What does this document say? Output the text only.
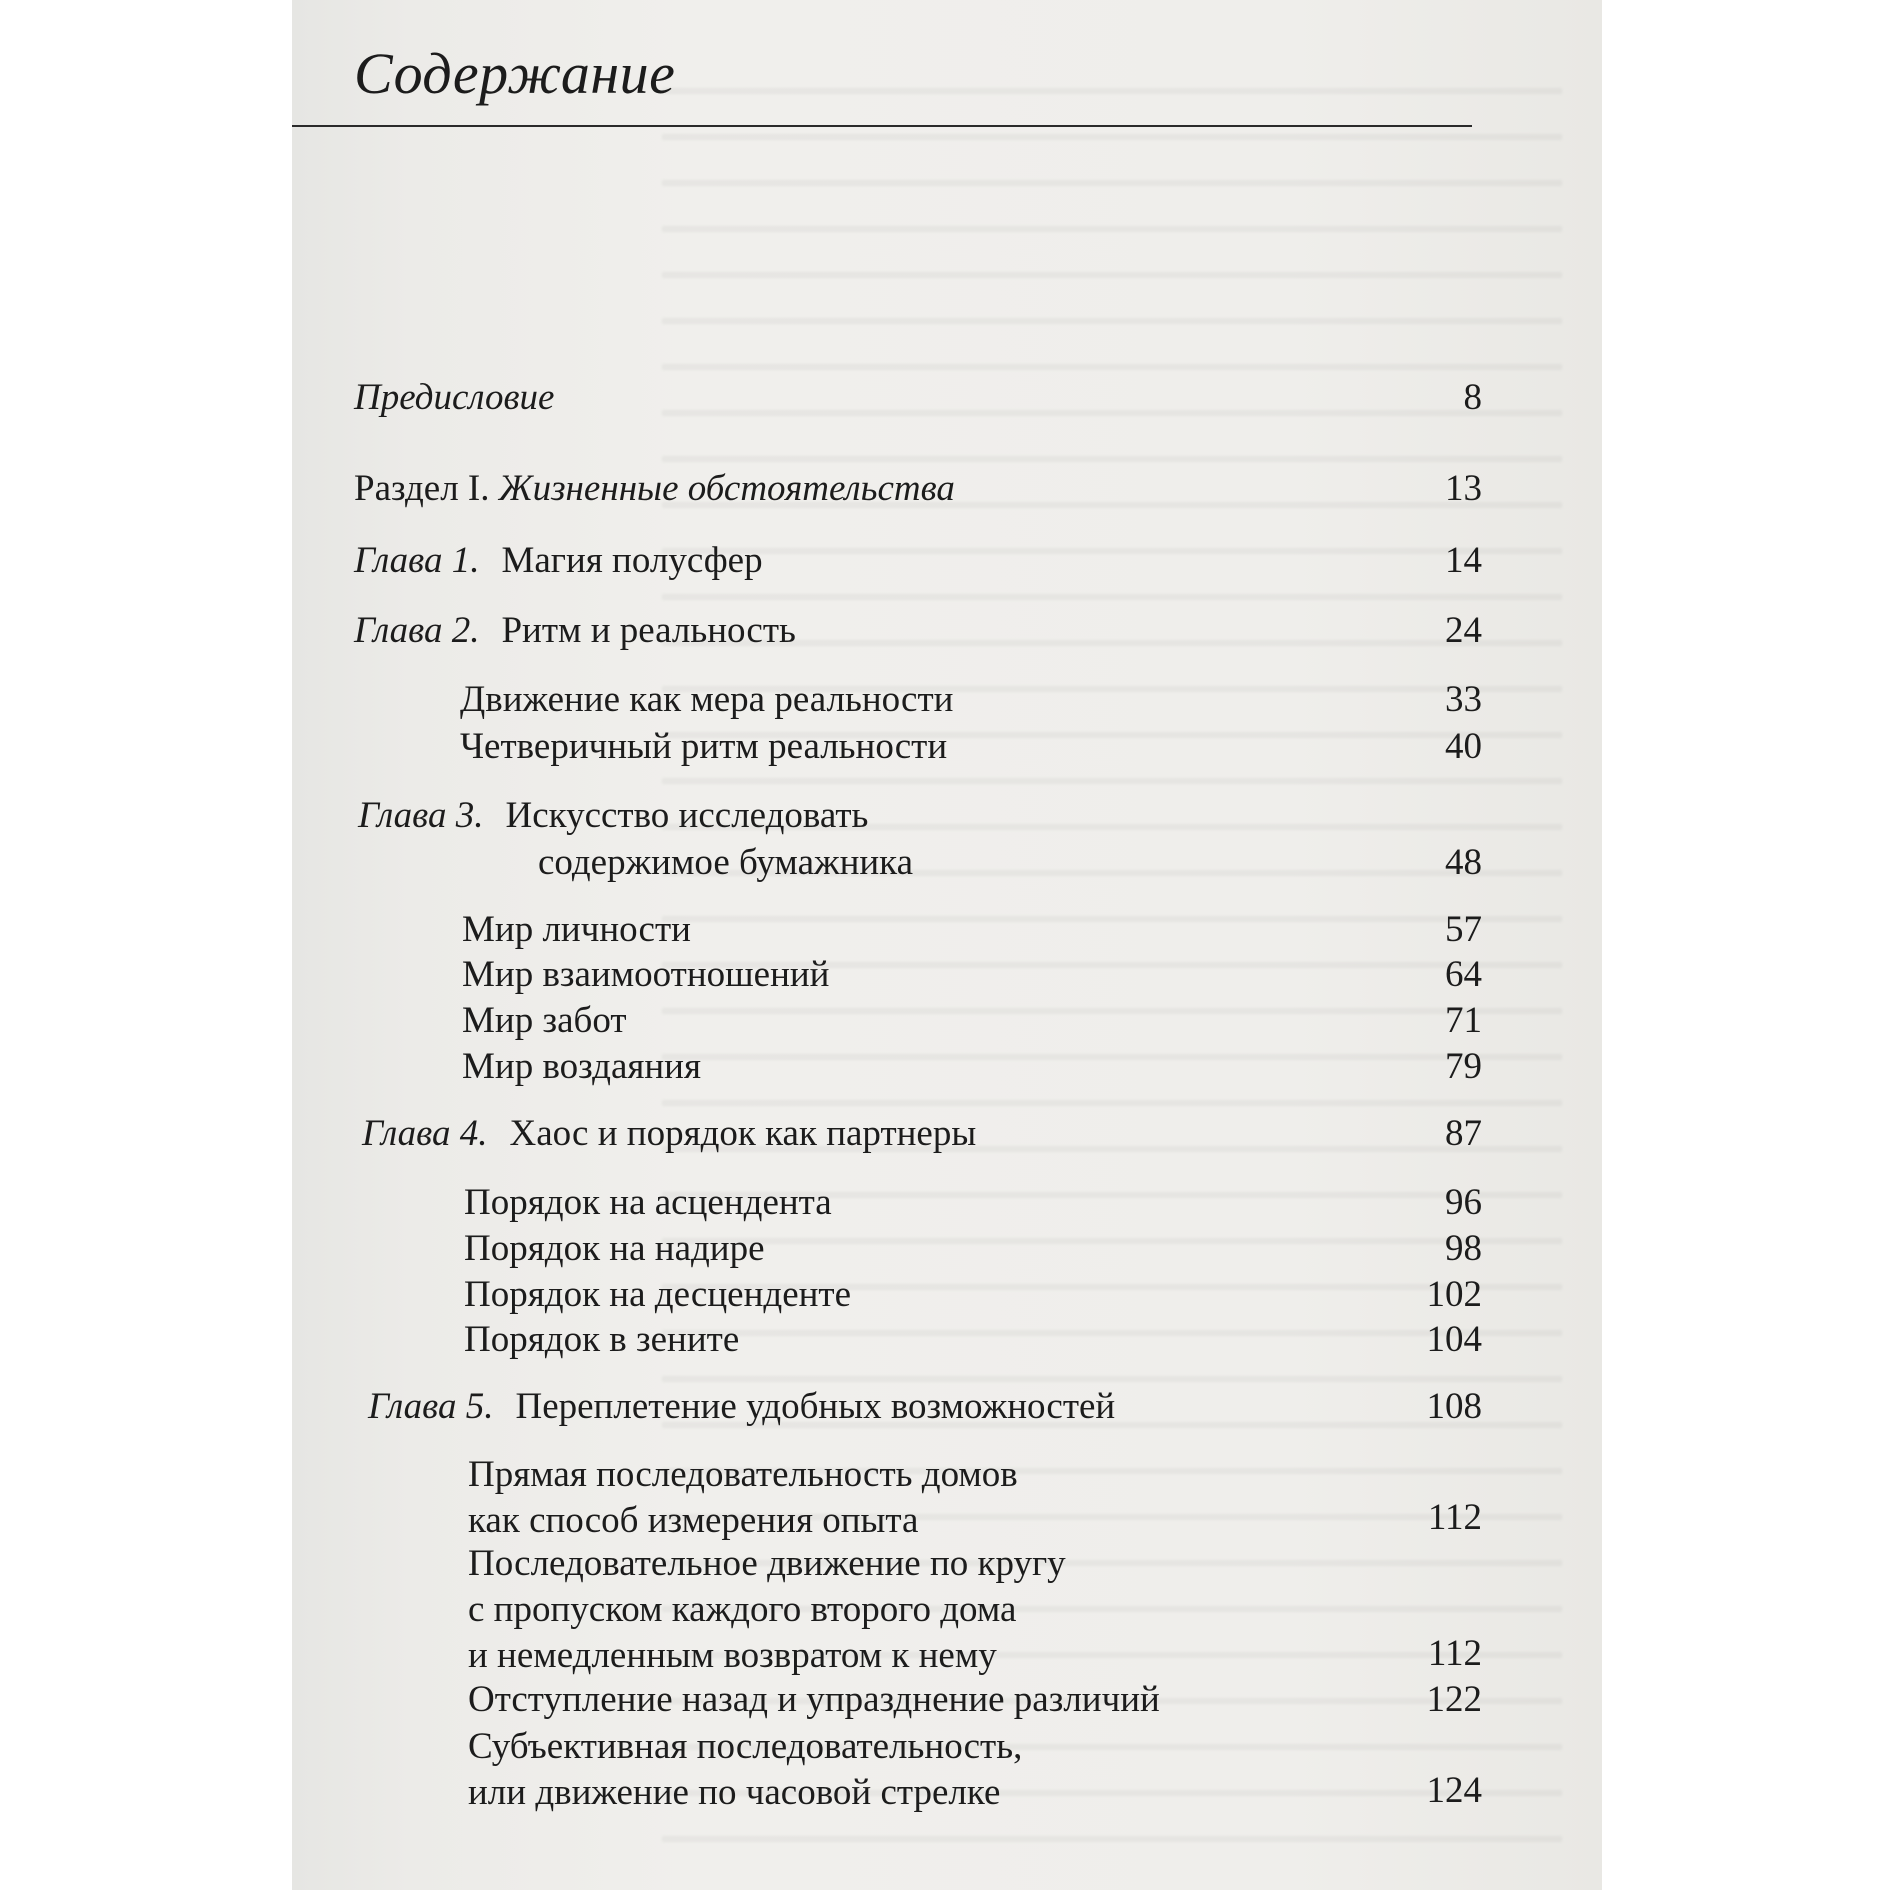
Содержание
Предисловие	8
Раздел I. Жизненные обстоятельства	13
Глава 1. Магия полусфер	14
Глава 2. Ритм и реальность	24
Движение как мера реальности	33
Четверичный ритм реальности	40
Глава 3. Искусство исследовать
содержимое бумажника	48
Мир личности	57
Мир взаимоотношений	64
Мир забот	71
Мир воздаяния	79
Глава 4. Хаос и порядок как партнеры	87
Порядок на асцендента	96
Порядок на надире	98
Порядок на десценденте	102
Порядок в зените	104
Глава 5. Переплетение удобных возможностей	108
Прямая последовательность домов
как способ измерения опыта	112
Последовательное движение по кругу
с пропуском каждого второго дома
и немедленным возвратом к нему	112
Отступление назад и упразднение различий	122
Субъективная последовательность,
или движение по часовой стрелке	124
